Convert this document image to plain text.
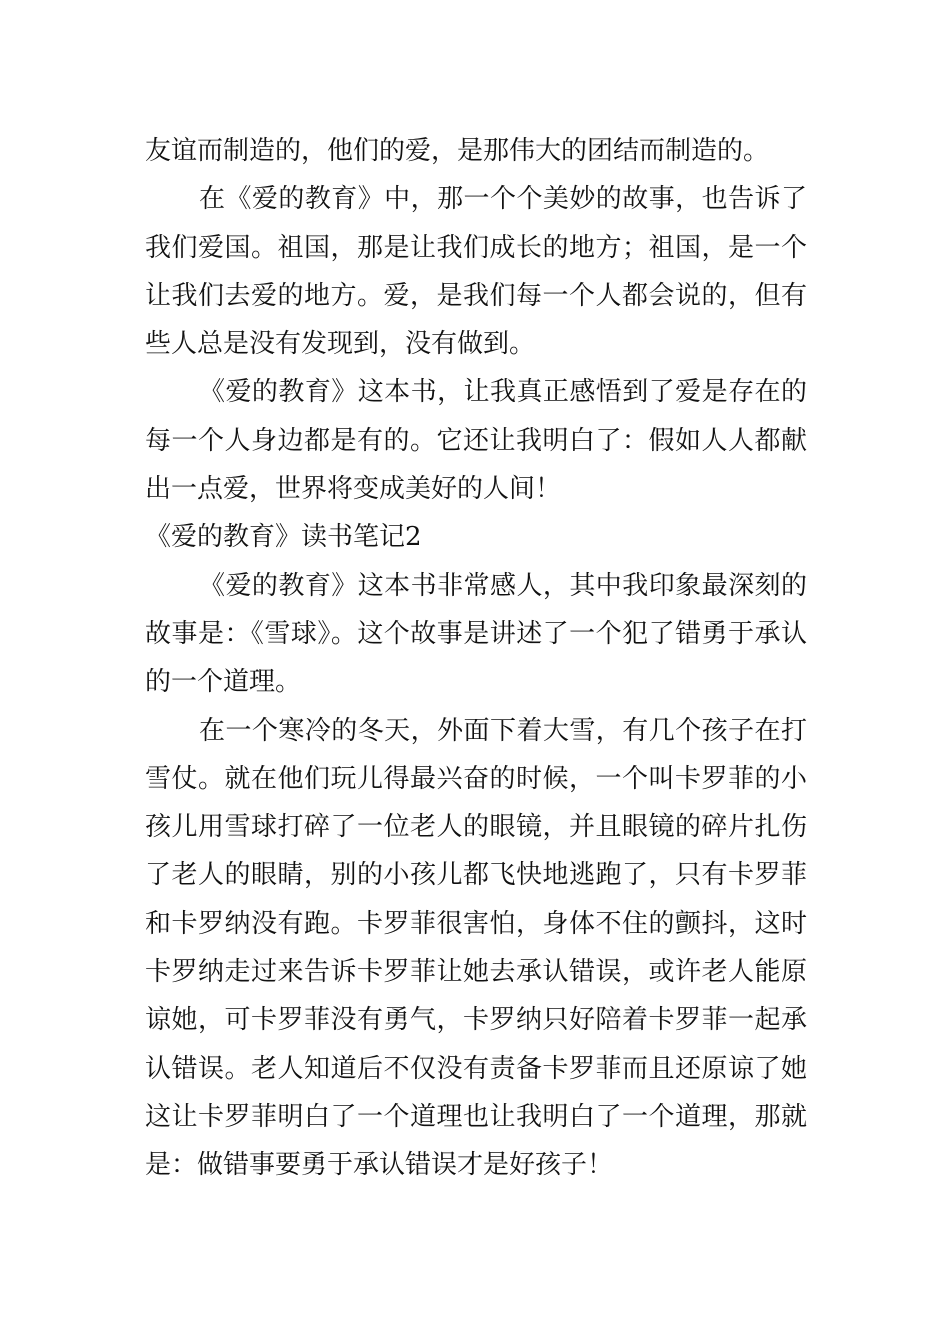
友谊而制造的，他们的爱，是那伟大的团结而制造的。

在《爱的教育》中，那一个个美妙的故事，也告诉了我们爱国。祖国，那是让我们成长的地方；祖国，是一个让我们去爱的地方。爱，是我们每一个人都会说的，但有些人总是没有发现到，没有做到。

《爱的教育》这本书，让我真正感悟到了爱是存在的每一个人身边都是有的。它还让我明白了：假如人人都献出一点爱，世界将变成美好的人间！

《爱的教育》读书笔记2

《爱的教育》这本书非常感人，其中我印象最深刻的故事是：《雪球》。这个故事是讲述了一个犯了错勇于承认的一个道理。

在一个寒冷的冬天，外面下着大雪，有几个孩子在打雪仗。就在他们玩儿得最兴奋的时候，一个叫卡罗菲的小孩儿用雪球打碎了一位老人的眼镜，并且眼镜的碎片扎伤了老人的眼睛，别的小孩儿都飞快地逃跑了，只有卡罗菲和卡罗纳没有跑。卡罗菲很害怕，身体不住的颤抖，这时卡罗纳走过来告诉卡罗菲让她去承认错误，或许老人能原谅她，可卡罗菲没有勇气，卡罗纳只好陪着卡罗菲一起承认错误。老人知道后不仅没有责备卡罗菲而且还原谅了她这让卡罗菲明白了一个道理也让我明白了一个道理，那就是：做错事要勇于承认错误才是好孩子！
